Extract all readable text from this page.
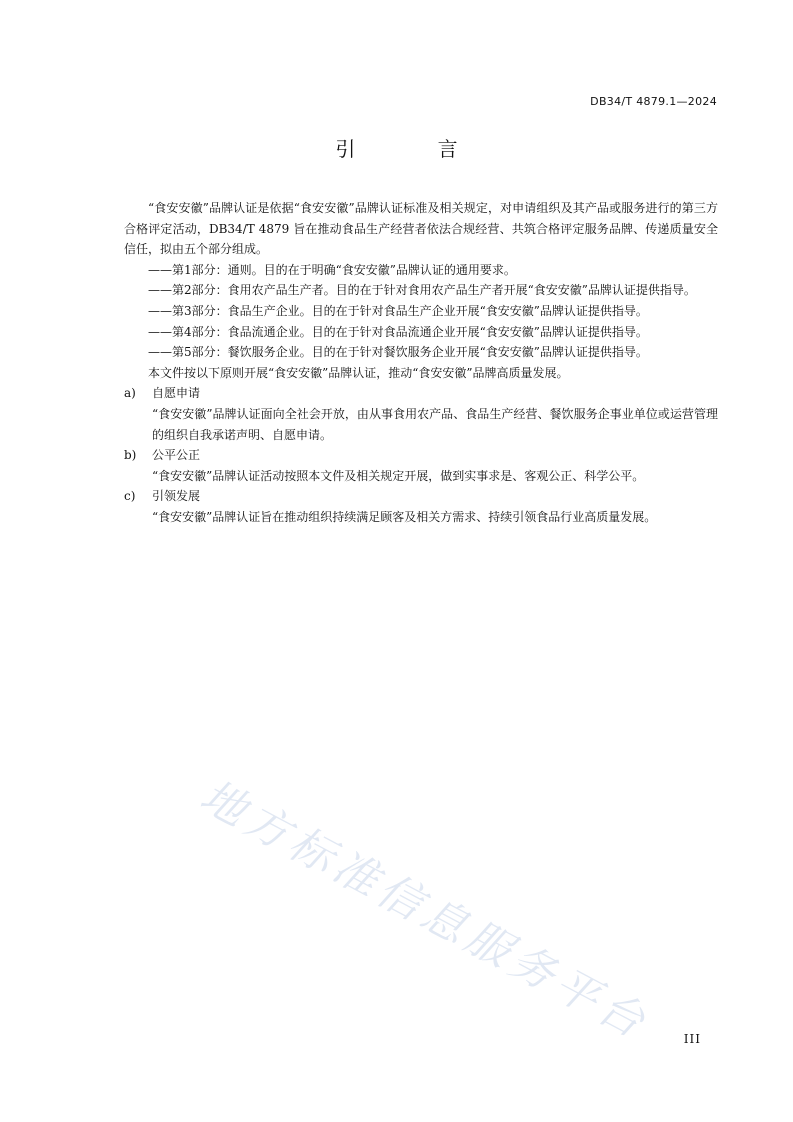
DB34/T 4879.1—2024
引 言

“食安安徽”品牌认证是依据“食安安徽”品牌认证标准及相关规定，对申请组织及其产品或服务进行的第三方合格评定活动，DB34/T 4879 旨在推动食品生产经营者依法合规经营、共筑合格评定服务品牌、传递质量安全信任，拟由五个部分组成。

——第1部分：通则。目的在于明确“食安安徽”品牌认证的通用要求。

——第2部分：食用农产品生产者。目的在于针对食用农产品生产者开展“食安安徽”品牌认证提供指导。

——第3部分：食品生产企业。目的在于针对食品生产企业开展“食安安徽”品牌认证提供指导。

——第4部分：食品流通企业。目的在于针对食品流通企业开展“食安安徽”品牌认证提供指导。

——第5部分：餐饮服务企业。目的在于针对餐饮服务企业开展“食安安徽”品牌认证提供指导。

本文件按以下原则开展“食安安徽”品牌认证，推动“食安安徽”品牌高质量发展。

a) 自愿申请

“食安安徽”品牌认证面向全社会开放，由从事食用农产品、食品生产经营、餐饮服务企事业单位或运营管理的组织自我承诺声明、自愿申请。

b) 公平公正

“食安安徽”品牌认证活动按照本文件及相关规定开展，做到实事求是、客观公正、科学公平。

c) 引领发展

“食安安徽”品牌认证旨在推动组织持续满足顾客及相关方需求、持续引领食品行业高质量发展。

地方标准信息服务平台	III
